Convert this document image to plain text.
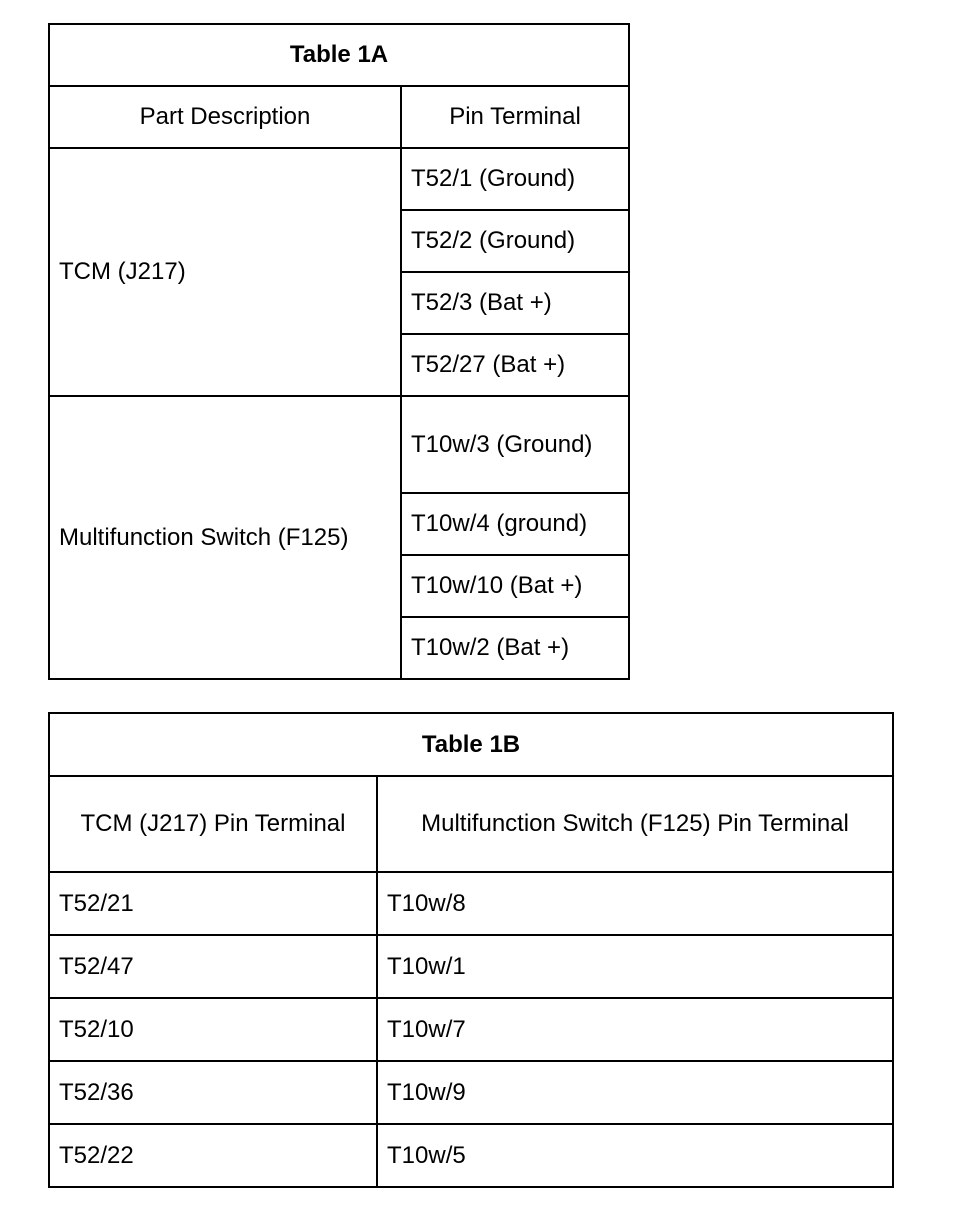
Table 1A	
Part Description	Pin Terminal
TCM (J217)	T52/1 (Ground)
	T52/2 (Ground)
	T52/3 (Bat +)
	T52/27 (Bat +)
Multifunction Switch (F125)	T10w/3 (Ground)
	T10w/4 (ground)
	T10w/10 (Bat +)
	T10w/2 (Bat +)
Table 1B	
TCM (J217) Pin Terminal	Multifunction Switch (F125) Pin Terminal
T52/21	T10w/8
T52/47	T10w/1
T52/10	T10w/7
T52/36	T10w/9
T52/22	T10w/5
